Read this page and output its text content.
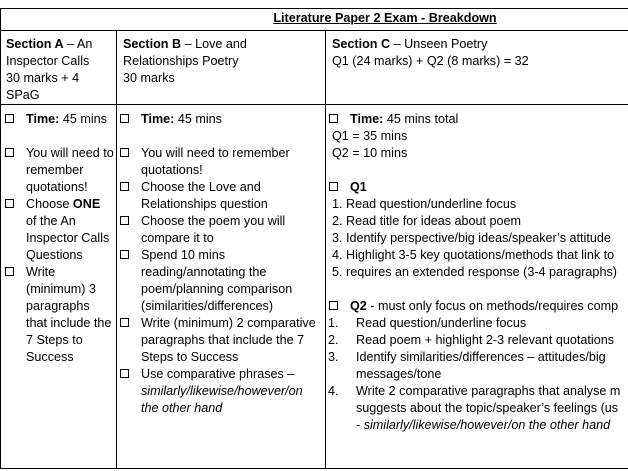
Literature Paper 2 Exam - Breakdown
Section A – An Inspector Calls
30 marks + 4 SPaG
Section B – Love and Relationships Poetry
30 marks
Section C – Unseen Poetry
Q1 (24 marks) + Q2 (8 marks) = 32
Time: 45 mins
You will need to remember quotations!
Choose ONE of the An Inspector Calls Questions
Write (minimum) 3 paragraphs that include the 7 Steps to Success
Time: 45 mins
You will need to remember quotations!
Choose the Love and Relationships question
Choose the poem you will compare it to
Spend 10 mins reading/annotating the poem/planning comparison (similarities/differences)
Write (minimum) 2 comparative paragraphs that include the 7 Steps to Success
Use comparative phrases – similarly/likewise/however/on the other hand
Time: 45 mins total
Q1 = 35 mins
Q2 = 10 mins
Q1
1. Read question/underline focus
2. Read title for ideas about poem
3. Identify perspective/big ideas/speaker’s attitude
4. Highlight 3-5 key quotations/methods that link to
5. requires an extended response (3-4 paragraphs)
Q2 - must only focus on methods/requires comp
1. Read question/underline focus
2. Read poem + highlight 2-3 relevant quotations
3.	Identify similarities/differences – attitudes/big messages/tone
4.	Write 2 comparative paragraphs that analyse m suggests about the topic/speaker’s feelings (us
- similarly/likewise/however/on the other hand
